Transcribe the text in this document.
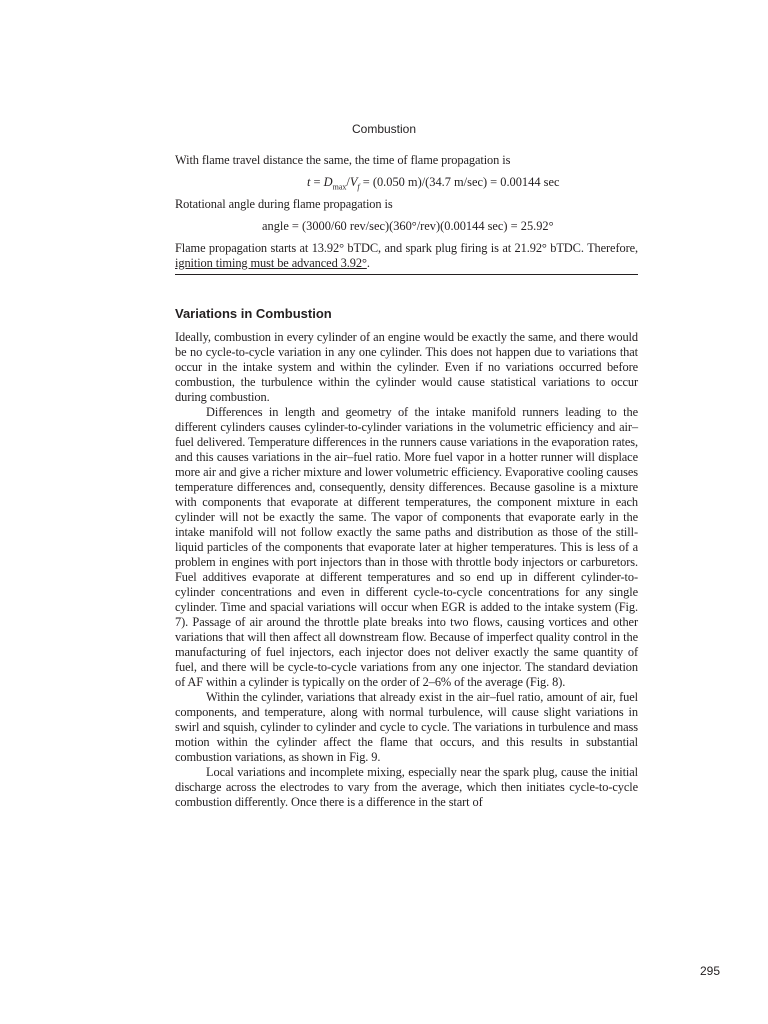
Combustion

With flame travel distance the same, the time of flame propagation is

$t = D_{max}/V_f = (0.050$ m)/(34.7 m/sec) = 0.00144 sec

Rotational angle during flame propagation is

angle = (3000/60 rev/sec)(360°/rev)(0.00144 sec) = 25.92°

Flame propagation starts at 13.92° bTDC, and spark plug firing is at 21.92° bTDC. Therefore, ignition timing must be advanced 3.92°.

Variations in Combustion

Ideally, combustion in every cylinder of an engine would be exactly the same, and there would be no cycle-to-cycle variation in any one cylinder. This does not happen due to variations that occur in the intake system and within the cylinder. Even if no variations occurred before combustion, the turbulence within the cylinder would cause statistical variations to occur during combustion.

Differences in length and geometry of the intake manifold runners leading to the different cylinders causes cylinder-to-cylinder variations in the volumetric efficiency and air–fuel delivered. Temperature differences in the runners cause variations in the evaporation rates, and this causes variations in the air–fuel ratio. More fuel vapor in a hotter runner will displace more air and give a richer mixture and lower volumetric efficiency. Evaporative cooling causes temperature differences and, consequently, density differences. Because gasoline is a mixture with components that evaporate at different temperatures, the component mixture in each cylinder will not be exactly the same. The vapor of components that evaporate early in the intake manifold will not follow exactly the same paths and distribution as those of the still-liquid particles of the components that evaporate later at higher temperatures. This is less of a problem in engines with port injectors than in those with throttle body injectors or carburetors. Fuel additives evaporate at different temperatures and so end up in different cylinder-to-cylinder concentrations and even in different cycle-to-cycle concentrations for any single cylinder. Time and spacial variations will occur when EGR is added to the intake system (Fig. 7). Passage of air around the throttle plate breaks into two flows, causing vortices and other variations that will then affect all downstream flow. Because of imperfect quality control in the manufacturing of fuel injectors, each injector does not deliver exactly the same quantity of fuel, and there will be cycle-to-cycle variations from any one injector. The standard deviation of AF within a cylinder is typically on the order of 2–6% of the average (Fig. 8).

Within the cylinder, variations that already exist in the air–fuel ratio, amount of air, fuel components, and temperature, along with normal turbulence, will cause slight variations in swirl and squish, cylinder to cylinder and cycle to cycle. The variations in turbulence and mass motion within the cylinder affect the flame that occurs, and this results in substantial combustion variations, as shown in Fig. 9.

Local variations and incomplete mixing, especially near the spark plug, cause the initial discharge across the electrodes to vary from the average, which then initiates cycle-to-cycle combustion differently. Once there is a difference in the start of

295
